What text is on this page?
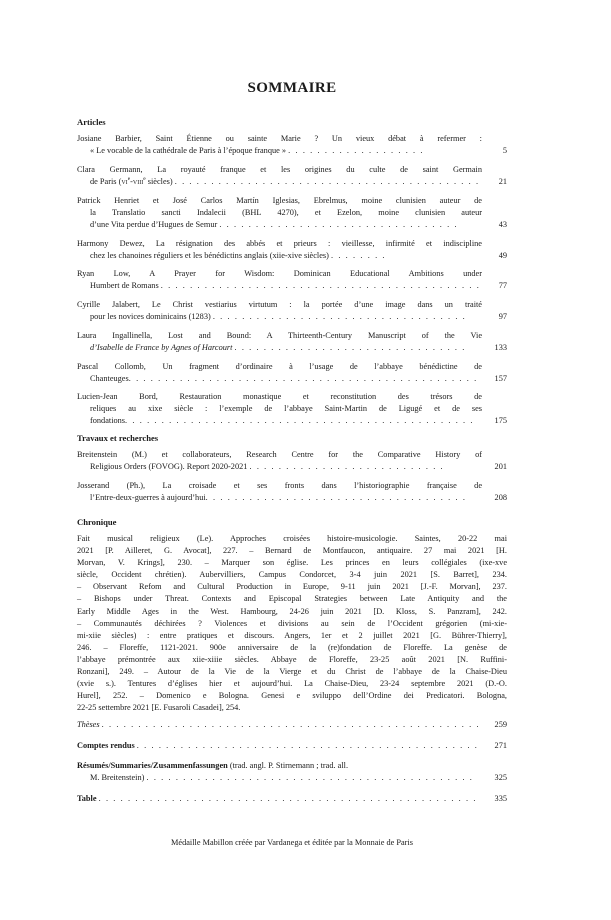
SOMMAIRE
Articles
Josiane Barbier, Saint Étienne ou sainte Marie ? Un vieux débat à refermer :
« Le vocable de la cathédrale de Paris à l’époque franque » . . . . . . . . . . . . . . . . . . .	5
Clara Germann, La royauté franque et les origines du culte de saint Germain
de Paris ($vi^e-viii^e$ siècles) . . . . . . . . . . . . . . . . . . . . . . . . . . . . . . . . . . . . . . . . . . 21
Patrick Henriet et José Carlos Martín Iglesias, Ebrelmus, moine clunisien auteur de
la Translatio sancti Indalecii (BHL 4270), et Ezelon, moine clunisien auteur
d’une Vita perdue d’Hugues de Semur . . . . . . . . . . . . . . . . . . . . . . . . . . . . . . . . .	43
Harmony Dewez, La résignation des abbés et prieurs : vieillesse, infirmité et indiscipline
chez les chanoines réguliers et les bénédictins anglais (xiie-xive siècles) . . . . . . . .	49
Ryan Low, A Prayer for Wisdom: Dominican Educational Ambitions under
Humbert de Romans . . . . . . . . . . . . . . . . . . . . . . . . . . . . . . . . . . . . . . . . . . . . 77
Cyrille Jalabert, Le Christ vestiarius virtutum : la portée d’une image dans un traité
pour les novices dominicains (1283) . . . . . . . . . . . . . . . . . . . . . . . . . . . . . . . . . . .	97
Laura Ingallinella, Lost and Bound: A Thirteenth-Century Manuscript of the Vie
d’Isabelle de France by Agnes of Harcourt . . . . . . . . . . . . . . . . . . . . . . . . . . . . . . . .	133
Pascal Collomb, Un fragment d’ordinaire à l’usage de l’abbaye bénédictine de
Chanteuges. . . . . . . . . . . . . . . . . . . . . . . . . . . . . . . . . . . . . . . . . . . . . . . . 157
Lucien-Jean Bord, Restauration monastique et reconstitution des trésors de
reliques au xixe siècle : l’exemple de l’abbaye Saint-Martin de Ligugé et de ses
fondations. . . . . . . . . . . . . . . . . . . . . . . . . . . . . . . . . . . . . . . . . . . . . . . . 175
Travaux et recherches
Breitenstein (M.) et collaborateurs, Research Centre for the Comparative History of
Religious Orders (FOVOG). Report 2020-2021 . . . . . . . . . . . . . . . . . . . . . . . . . . .	201
Josserand (Ph.), La croisade et ses fronts dans l’historiographie française de
l’Entre-deux-guerres à aujourd’hui. . . . . . . . . . . . . . . . . . . . . . . . . . . . . . . . . . . .	208
Chronique
Fait musical religieux (Le). Approches croisées histoire-musicologie. Saintes, 20-22 mai
2021 [P. Ailleret, G. Avocat], 227. – Bernard de Montfaucon, antiquaire. 27 mai 2021 [H.
Morvan, V. Krings], 230. – Marquer son église. Les princes en leurs collégiales (ixe-xve
siècle, Occident chrétien). Aubervilliers, Campus Condorcet, 3-4 juin 2021 [S. Barret], 234.
– Observant Refom and Cultural Production in Europe, 9-11 juin 2021 [J.-F. Morvan], 237.
– Bishops under Threat. Contexts and Episcopal Strategies between Late Antiquity and the
Early Middle Ages in the West. Hambourg, 24-26 juin 2021 [D. Kloss, S. Panzram], 242.
– Communautés déchirées ? Violences et divisions au sein de l’Occident grégorien (mi-xie-
mi-xiie siècles) : entre pratiques et discours. Angers, 1er et 2 juillet 2021 [G. Bührer-Thierry],
246. – Floreffe, 1121-2021. 900e anniversaire de la (re)fondation de Floreffe. La genèse de
l’abbaye prémontrée aux xiie-xiiie siècles. Abbaye de Floreffe, 23-25 août 2021 [N. Ruffini-
Ronzani], 249. – Autour de la Vie de la Vierge et du Christ de l’abbaye de la Chaise-Dieu
(xvie s.). Tentures d’églises hier et aujourd’hui. La Chaise-Dieu, 23-24 septembre 2021 (D.-O.
Hurel], 252. – Domenico e Bologna. Genesi e sviluppo dell’Ordine dei Predicatori. Bologna,
22-25 settembre 2021 [E. Fusaroli Casadei], 254.
Thèses . . . . . . . . . . . . . . . . . . . . . . . . . . . . . . . . . . . . . . . . . . . . . . . . . . . . 259
Comptes rendus . . . . . . . . . . . . . . . . . . . . . . . . . . . . . . . . . . . . . . . . . . . . . . . 271
Résumés/Summaries/Zusammenfassungen (trad. angl. P. Stirnemann ; trad. all.
M. Breitenstein) . . . . . . . . . . . . . . . . . . . . . . . . . . . . . . . . . . . . . . . . . . . . .	325
Table . . . . . . . . . . . . . . . . . . . . . . . . . . . . . . . . . . . . . . . . . . . . . . . . . . . . 335
Médaille Mabillon créée par Vardanega et éditée par la Monnaie de Paris
